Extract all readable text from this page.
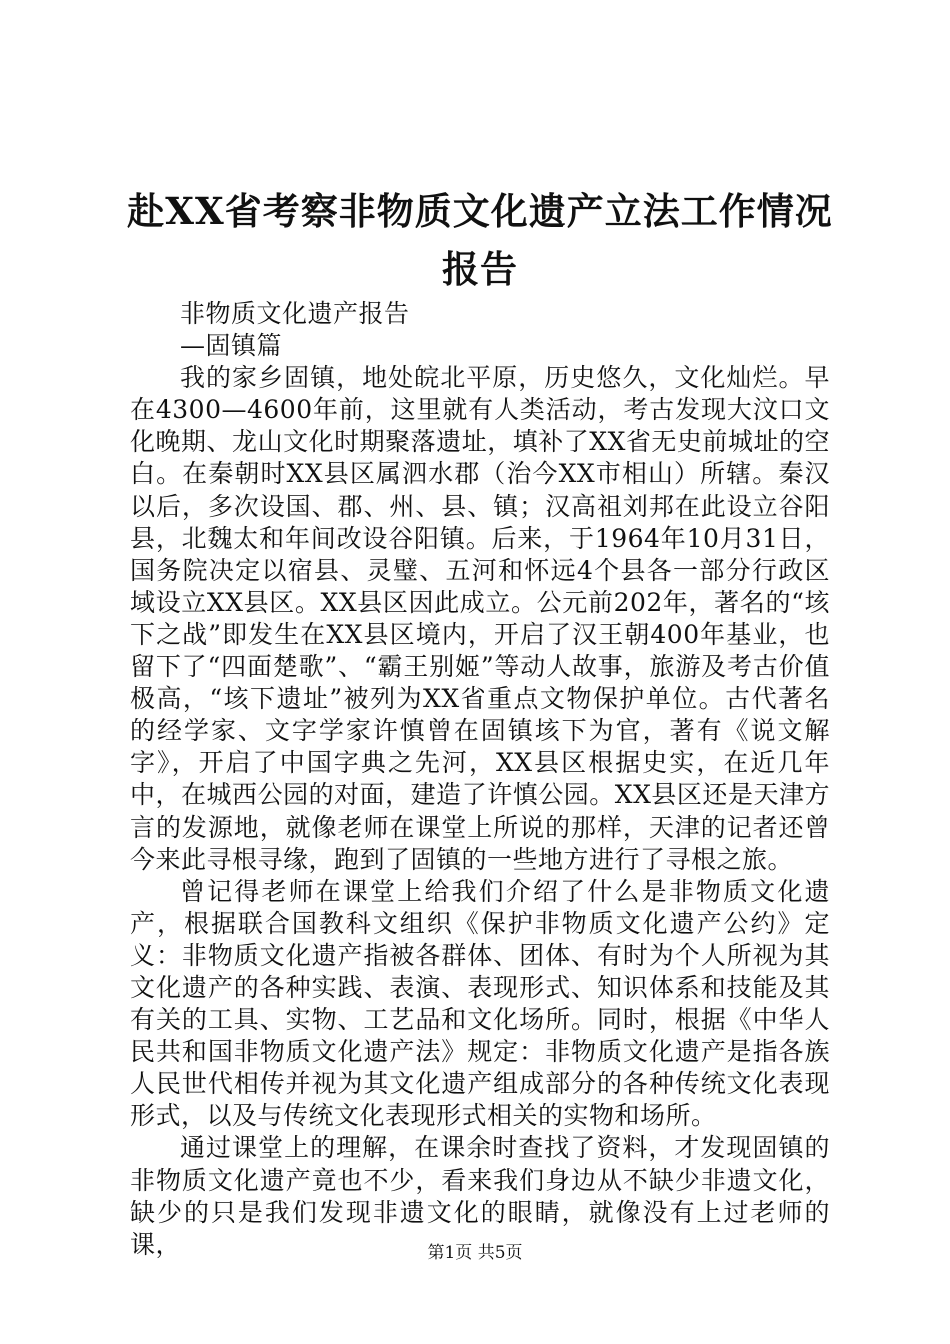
赴XX省考察非物质文化遗产立法工作情况报告

非物质文化遗产报告

—固镇篇

我的家乡固镇，地处皖北平原，历史悠久，文化灿烂。早在4300—4600年前，这里就有人类活动，考古发现大汶口文化晚期、龙山文化时期聚落遗址，填补了XX省无史前城址的空白。在秦朝时XX县区属泗水郡（治今XX市相山）所辖。秦汉以后，多次设国、郡、州、县、镇；汉高祖刘邦在此设立谷阳县，北魏太和年间改设谷阳镇。后来，于1964年10月31日，国务院决定以宿县、灵璧、五河和怀远4个县各一部分行政区域设立XX县区。XX县区因此成立。公元前202年，著名的“垓下之战”即发生在XX县区境内，开启了汉王朝400年基业，也留下了“四面楚歌”、“霸王别姬”等动人故事，旅游及考古价值极高，“垓下遗址”被列为XX省重点文物保护单位。古代著名的经学家、文字学家许慎曾在固镇垓下为官，著有《说文解字》，开启了中国字典之先河，XX县区根据史实，在近几年中，在城西公园的对面，建造了许慎公园。XX县区还是天津方言的发源地，就像老师在课堂上所说的那样，天津的记者还曾今来此寻根寻缘，跑到了固镇的一些地方进行了寻根之旅。

曾记得老师在课堂上给我们介绍了什么是非物质文化遗产，根据联合国教科文组织《保护非物质文化遗产公约》定义：非物质文化遗产指被各群体、团体、有时为个人所视为其文化遗产的各种实践、表演、表现形式、知识体系和技能及其有关的工具、实物、工艺品和文化场所。同时，根据《中华人民共和国非物质文化遗产法》规定：非物质文化遗产是指各族人民世代相传并视为其文化遗产组成部分的各种传统文化表现形式，以及与传统文化表现形式相关的实物和场所。

通过课堂上的理解，在课余时查找了资料，才发现固镇的非物质文化遗产竟也不少，看来我们身边从不缺少非遗文化，缺少的只是我们发现非遗文化的眼睛，就像没有上过老师的课，	第1页 共5页
